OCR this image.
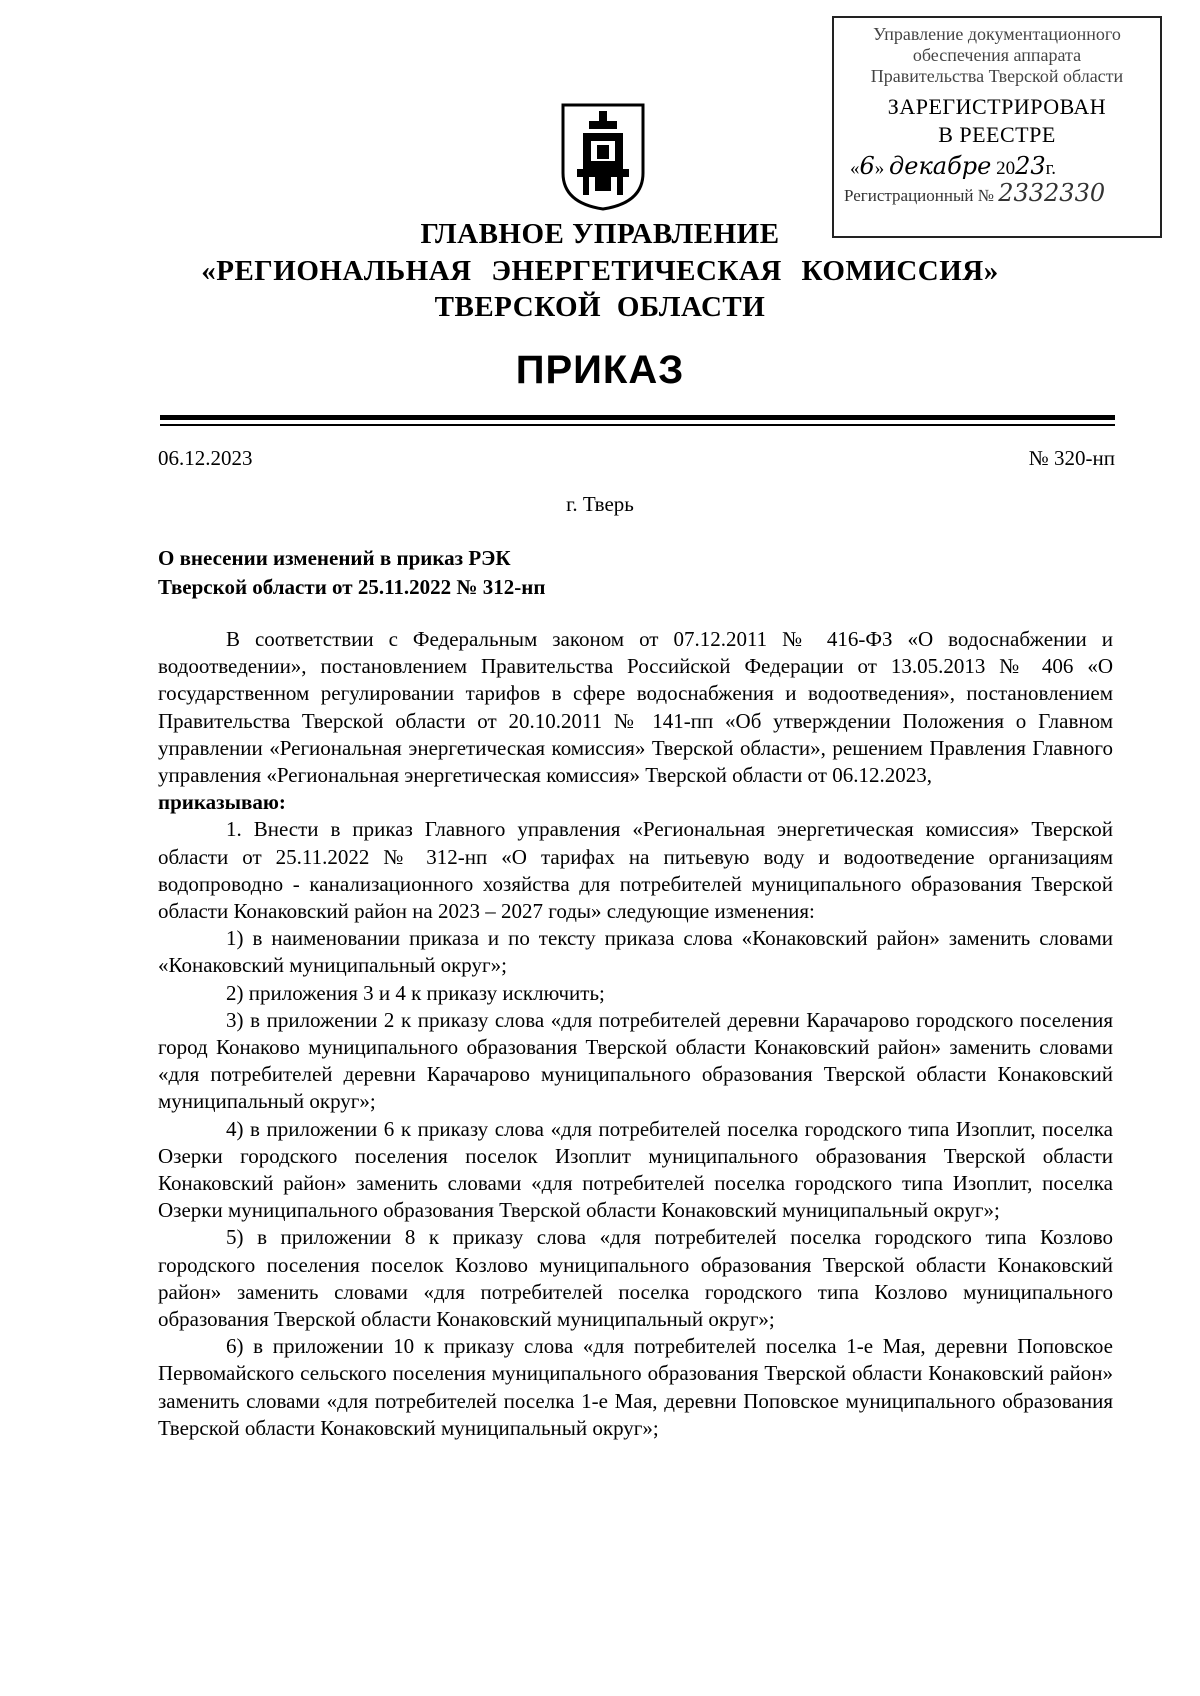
Управление документационного
обеспечения аппарата
Правительства Тверской области
ЗАРЕГИСТРИРОВАН
В РЕЕСТРЕ
«6» декабре 2023г.
Регистрационный № 2332330
ГЛАВНОЕ УПРАВЛЕНИЕ
«РЕГИОНАЛЬНАЯ ЭНЕРГЕТИЧЕСКАЯ КОМИССИЯ»
ТВЕРСКОЙ ОБЛАСТИ
ПРИКАЗ
06.12.2023	№ 320-нп
г. Тверь
О внесении изменений в приказ РЭК
Тверской области от 25.11.2022 № 312-нп

В соответствии с Федеральным законом от 07.12.2011 № 416-ФЗ «О водоснабжении и водоотведении», постановлением Правительства Российской Федерации от 13.05.2013 № 406 «О государственном регулировании тарифов в сфере водоснабжения и водоотведения», постановлением Правительства Тверской области от 20.10.2011 № 141-пп «Об утверждении Положения о Главном управлении «Региональная энергетическая комиссия» Тверской области», решением Правления Главного управления «Региональная энергетическая комиссия» Тверской области от 06.12.2023,

приказываю:

1. Внести в приказ Главного управления «Региональная энергетическая комиссия» Тверской области от 25.11.2022 № 312-нп «О тарифах на питьевую воду и водоотведение организациям водопроводно - канализационного хозяйства для потребителей муниципального образования Тверской области Конаковский район на 2023 – 2027 годы» следующие изменения:

1) в наименовании приказа и по тексту приказа слова «Конаковский район» заменить словами «Конаковский муниципальный округ»;

2) приложения 3 и 4 к приказу исключить;

3) в приложении 2 к приказу слова «для потребителей деревни Карачарово городского поселения город Конаково муниципального образования Тверской области Конаковский район» заменить словами «для потребителей деревни Карачарово муниципального образования Тверской области Конаковский муниципальный округ»;

4) в приложении 6 к приказу слова «для потребителей поселка городского типа Изоплит, поселка Озерки городского поселения поселок Изоплит муниципального образования Тверской области Конаковский район» заменить словами «для потребителей поселка городского типа Изоплит, поселка Озерки муниципального образования Тверской области Конаковский муниципальный округ»;

5) в приложении 8 к приказу слова «для потребителей поселка городского типа Козлово городского поселения поселок Козлово муниципального образования Тверской области Конаковский район» заменить словами «для потребителей поселка городского типа Козлово муниципального образования Тверской области Конаковский муниципальный округ»;

6) в приложении 10 к приказу слова «для потребителей поселка 1-е Мая, деревни Поповское Первомайского сельского поселения муниципального образования Тверской области Конаковский район» заменить словами «для потребителей поселка 1-е Мая, деревни Поповское муниципального образования Тверской области Конаковский муниципальный округ»;
